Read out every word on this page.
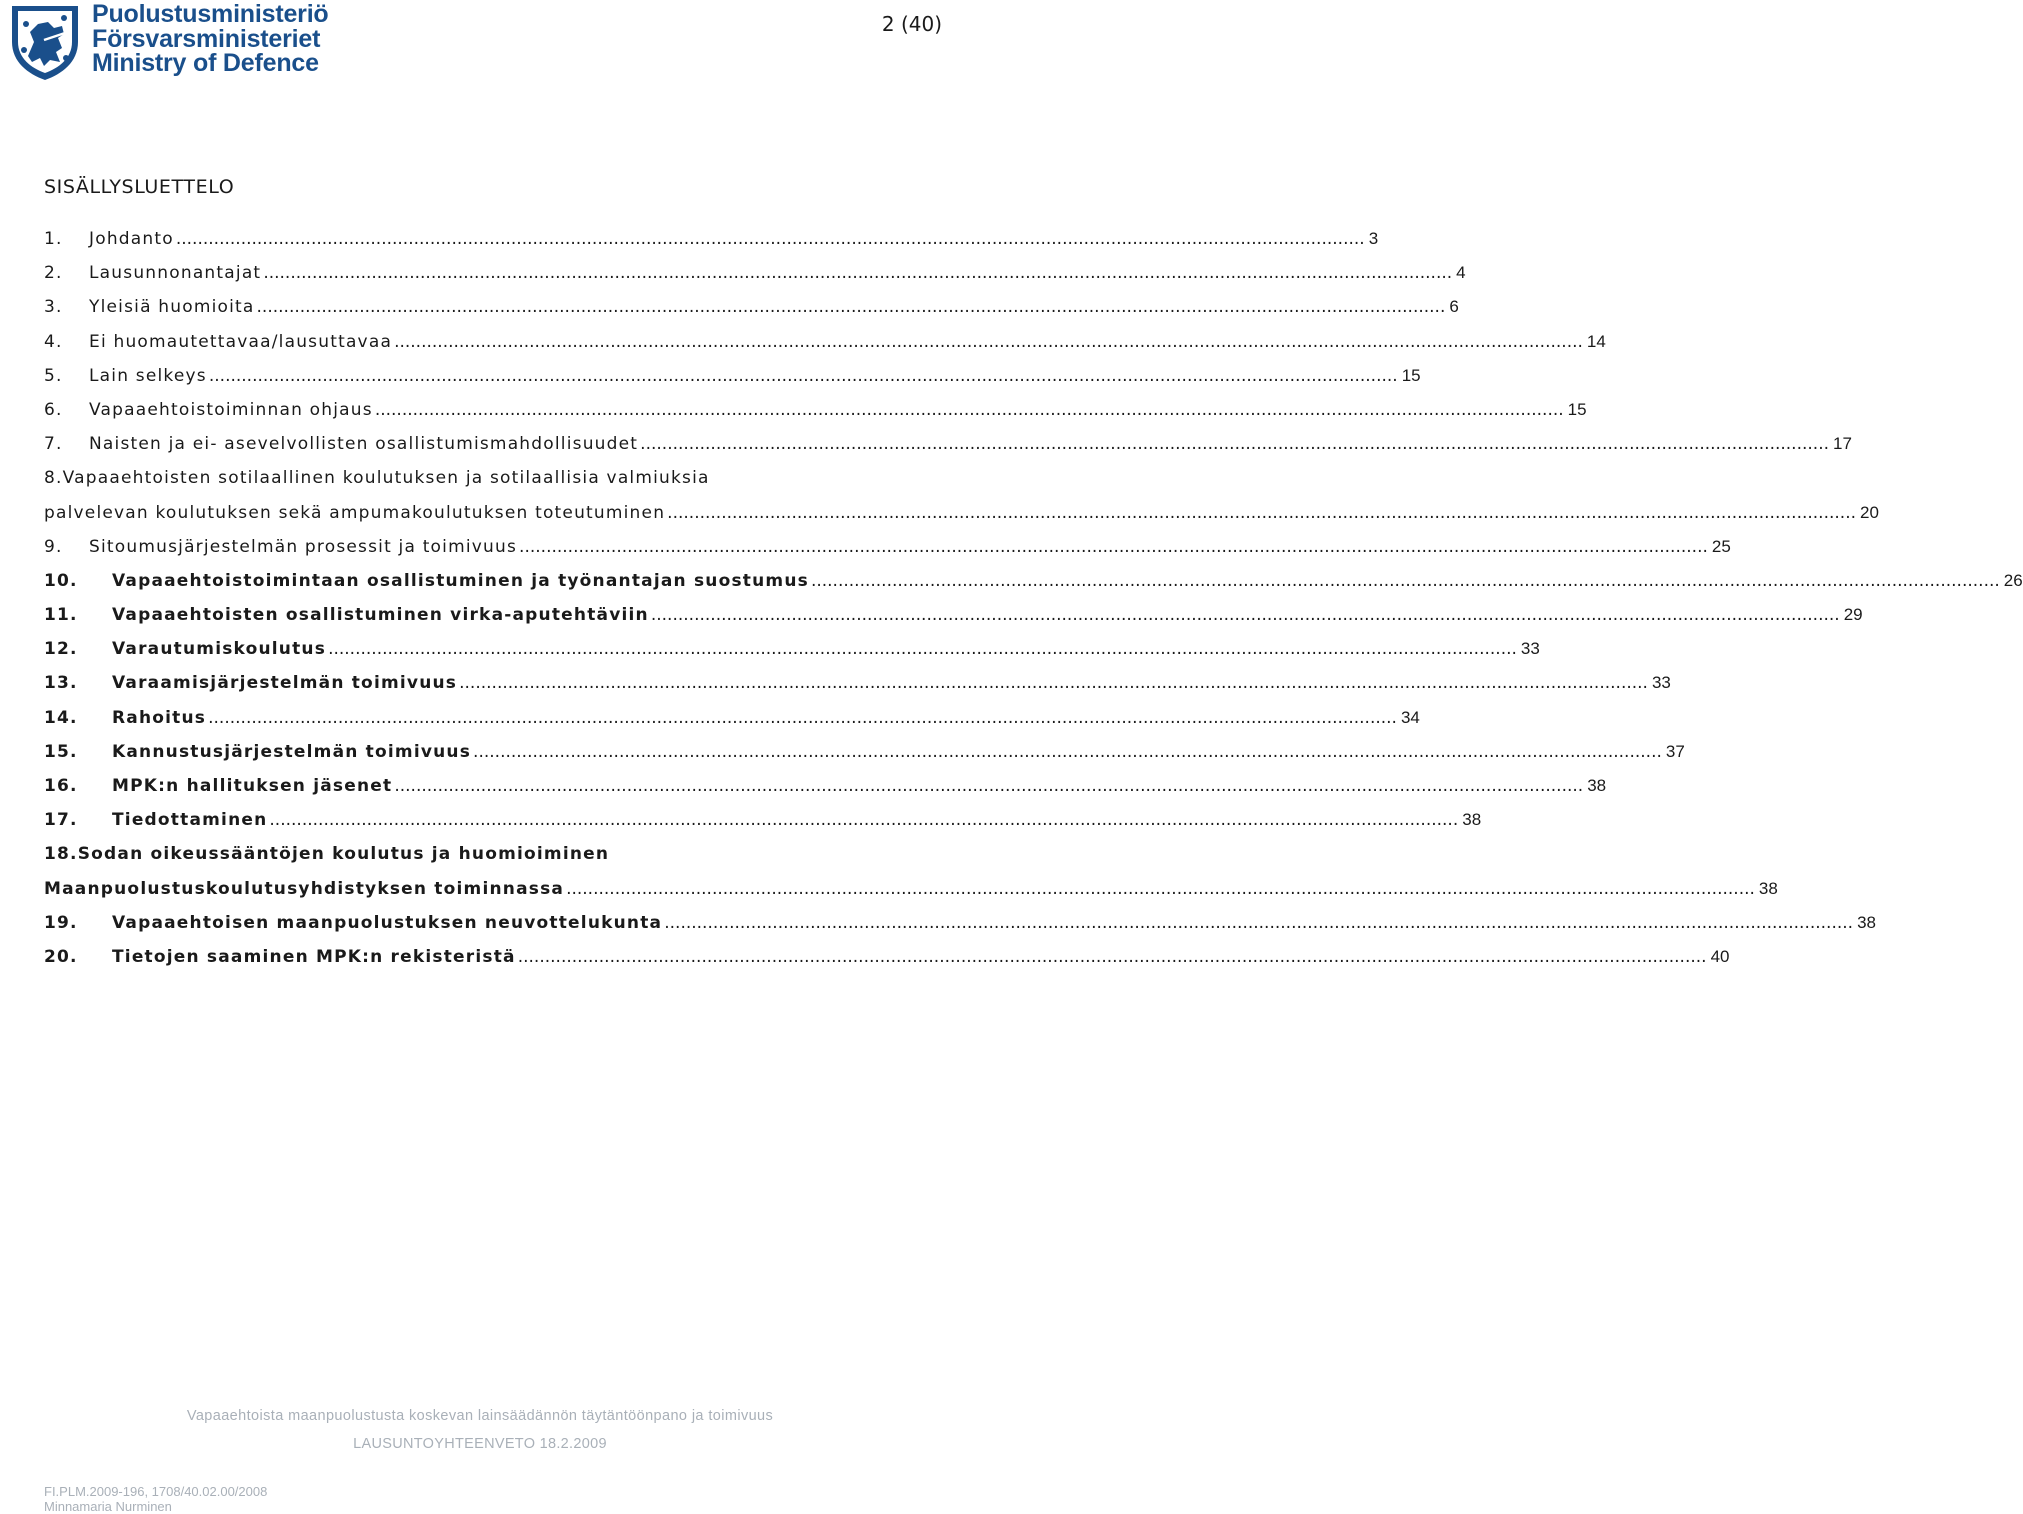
Puolustusministeriö
Försvarsministeriet
Ministry of Defence
2 (40)
SISÄLLYSLUETTELO
1.	Johdanto ............................................................................................................................................................................................................................ 3
2.	Lausunnonantajat ............................................................................................................................................................................................................................ 4
3.	Yleisiä huomioita ............................................................................................................................................................................................................................ 6
4.	Ei huomautettavaa/lausuttavaa ............................................................................................................................................................................................................................ 14
5.	Lain selkeys ............................................................................................................................................................................................................................ 15
6.	Vapaaehtoistoiminnan ohjaus ............................................................................................................................................................................................................................ 15
7.	Naisten ja ei- asevelvollisten osallistumismahdollisuudet ............................................................................................................................................................................................................................ 17
8.Vapaaehtoisten sotilaallinen koulutuksen ja sotilaallisia valmiuksia
palvelevan koulutuksen sekä ampumakoulutuksen toteutuminen ............................................................................................................................................................................................................................ 20
9.	Sitoumusjärjestelmän prosessit ja toimivuus ............................................................................................................................................................................................................................ 25
10.	Vapaaehtoistoimintaan osallistuminen ja työnantajan suostumus ............................................................................................................................................................................................................................ 26
11.	Vapaaehtoisten osallistuminen virka-aputehtäviin ............................................................................................................................................................................................................................ 29
12.	Varautumiskoulutus ............................................................................................................................................................................................................................ 33
13.	Varaamisjärjestelmän toimivuus ............................................................................................................................................................................................................................ 33
14.	Rahoitus ............................................................................................................................................................................................................................ 34
15.	Kannustusjärjestelmän toimivuus ............................................................................................................................................................................................................................ 37
16.	MPK:n hallituksen jäsenet ............................................................................................................................................................................................................................ 38
17.	Tiedottaminen ............................................................................................................................................................................................................................ 38
18.Sodan oikeussääntöjen koulutus ja huomioiminen
Maanpuolustuskoulutusyhdistyksen toiminnassa ............................................................................................................................................................................................................................ 38
19.	Vapaaehtoisen maanpuolustuksen neuvottelukunta ............................................................................................................................................................................................................................ 38
20.	Tietojen saaminen MPK:n rekisteristä ............................................................................................................................................................................................................................ 40
Vapaaehtoista maanpuolustusta koskevan lainsäädännön täytäntöönpano ja toimivuus
LAUSUNTOYHTEENVETO 18.2.2009
FI.PLM.2009-196, 1708/40.02.00/2008
Minnamaria Nurminen
